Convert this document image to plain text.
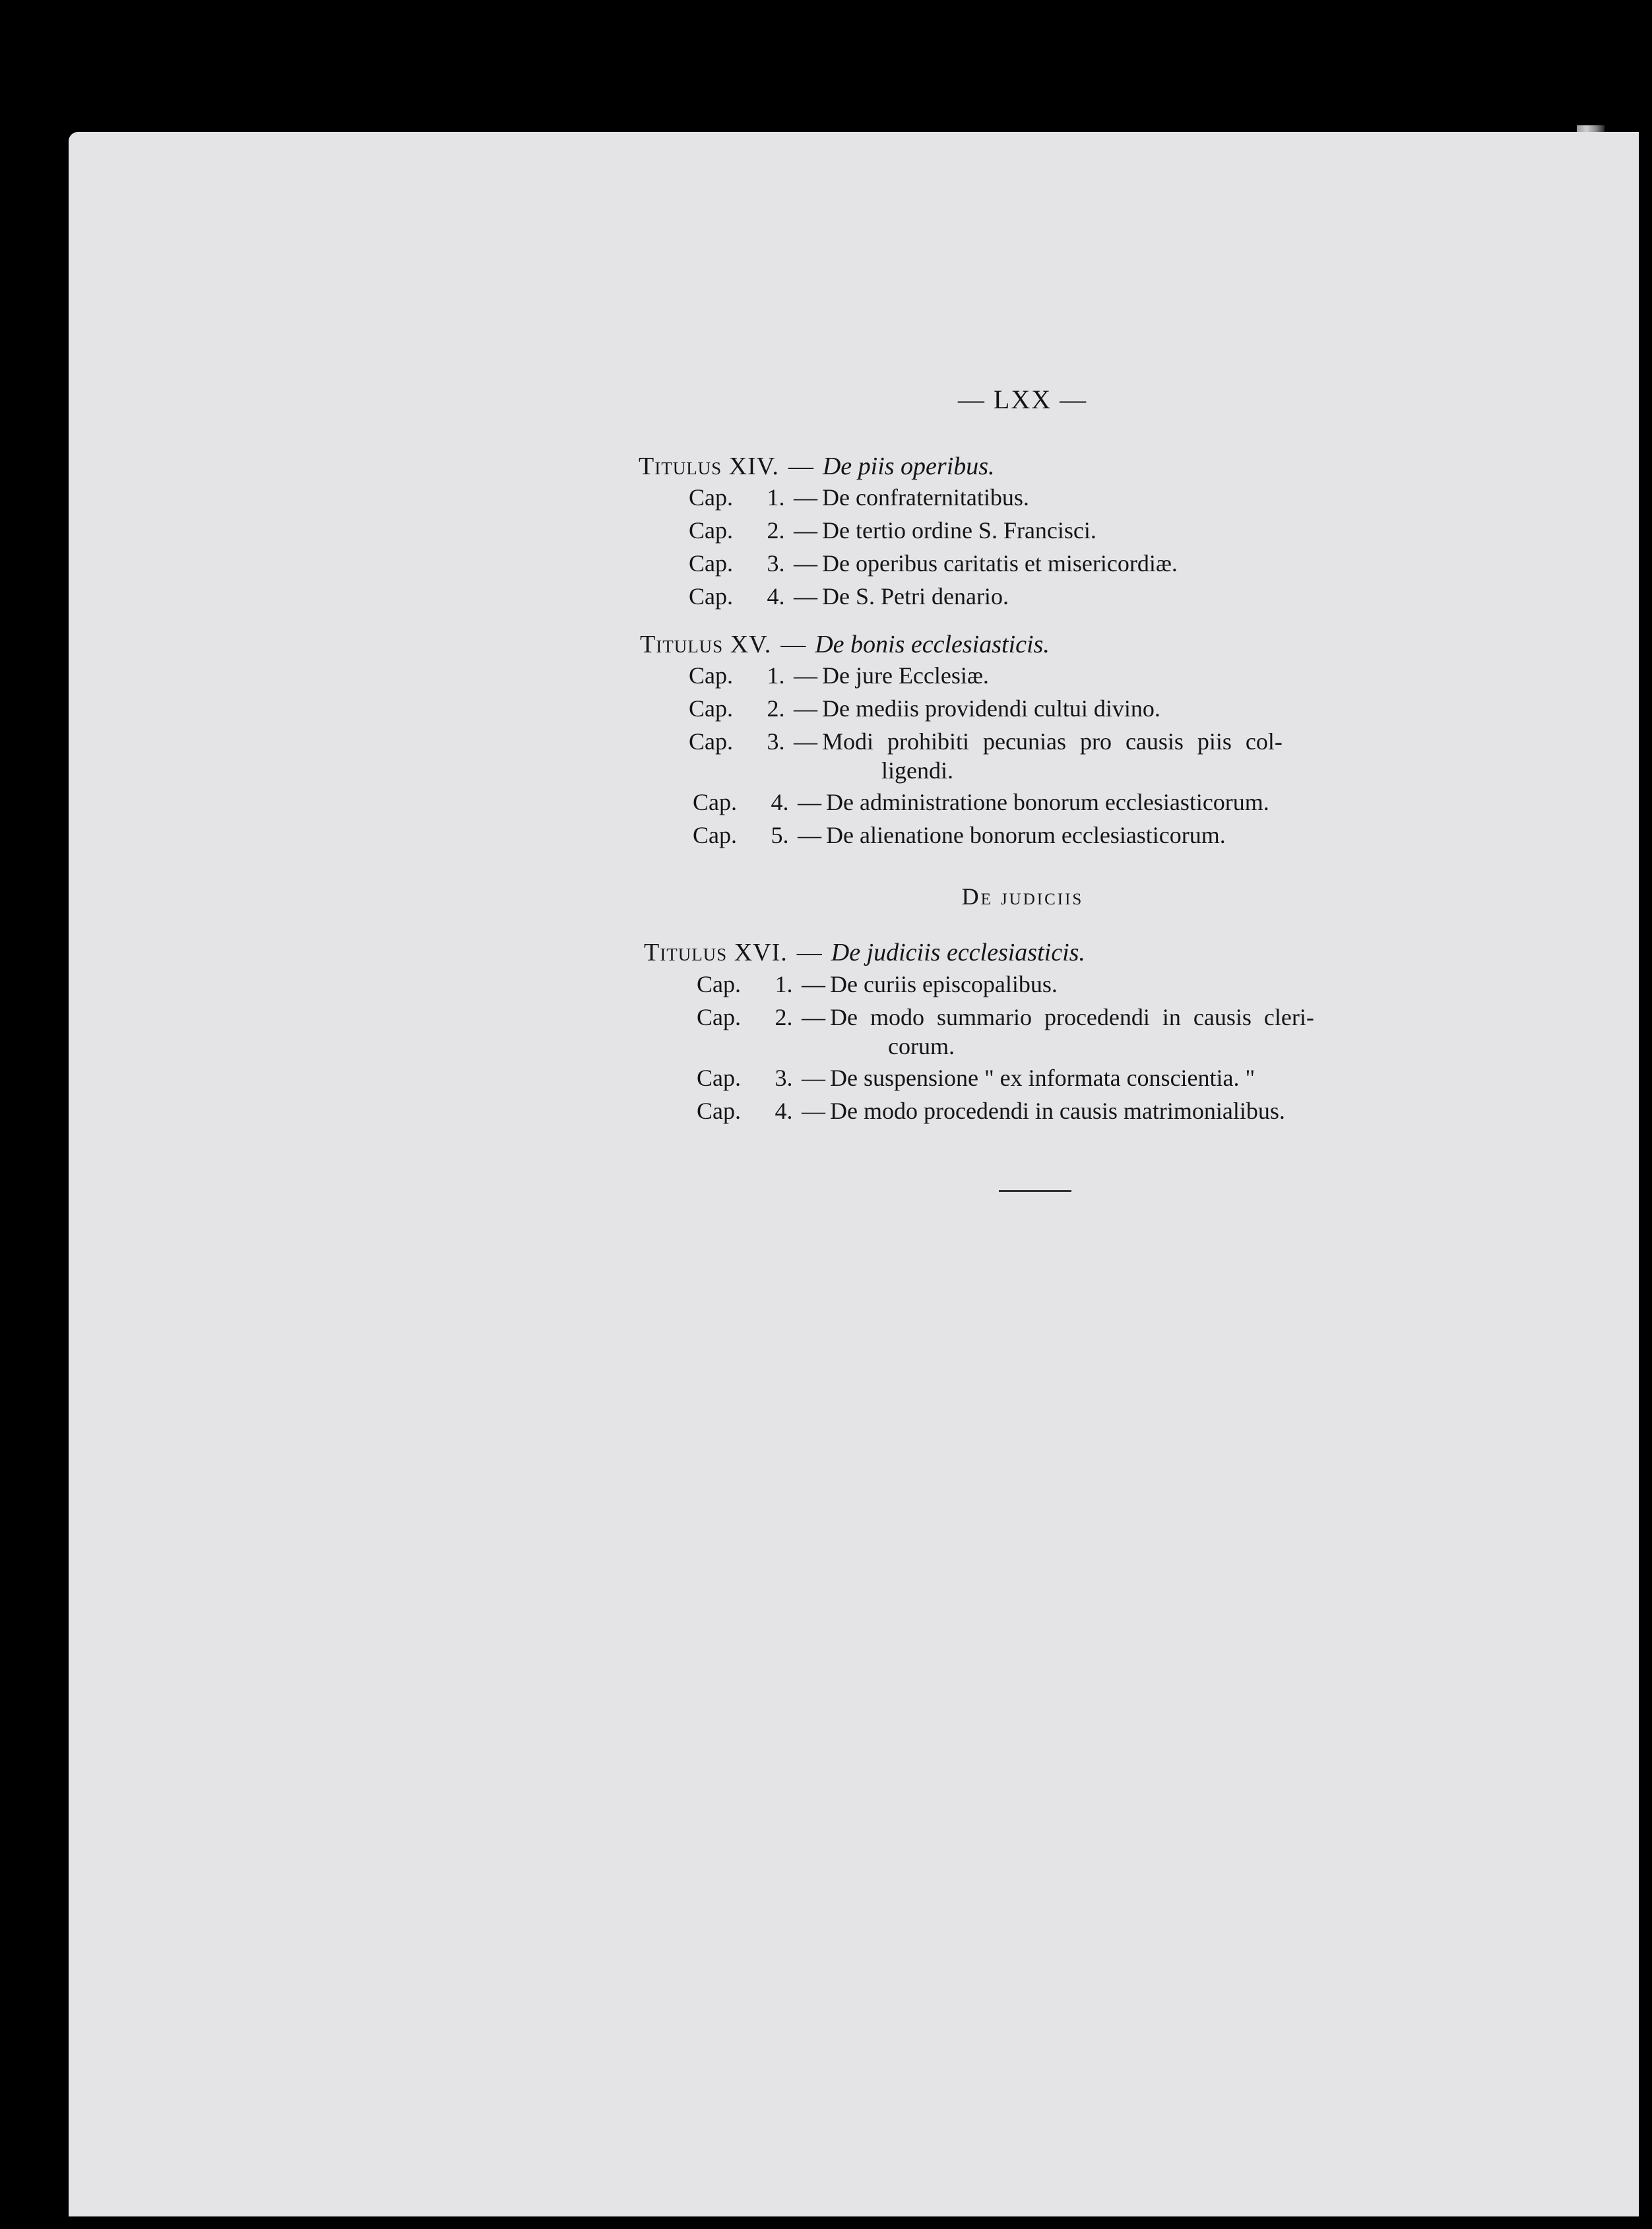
— LXX —
Titulus XIV. — De piis operibus.
Cap. 1. — De confraternitatibus.
Cap. 2. — De tertio ordine S. Francisci.
Cap. 3. — De operibus caritatis et misericordiæ.
Cap. 4. — De S. Petri denario.
Titulus XV. — De bonis ecclesiasticis.
Cap. 1. — De jure Ecclesiæ.
Cap. 2. — De mediis providendi cultui divino.
Cap. 3. — Modi prohibiti pecunias pro causis piis col-
ligendi.
Cap. 4. — De administratione bonorum ecclesiasticorum.
Cap. 5. — De alienatione bonorum ecclesiasticorum.
De judiciis
Titulus XVI. — De judiciis ecclesiasticis.
Cap. 1. — De curiis episcopalibus.
Cap. 2. — De modo summario procedendi in causis cleri-
corum.
Cap. 3. — De suspensione " ex informata conscientia. "
Cap. 4. — De modo procedendi in causis matrimonialibus.
